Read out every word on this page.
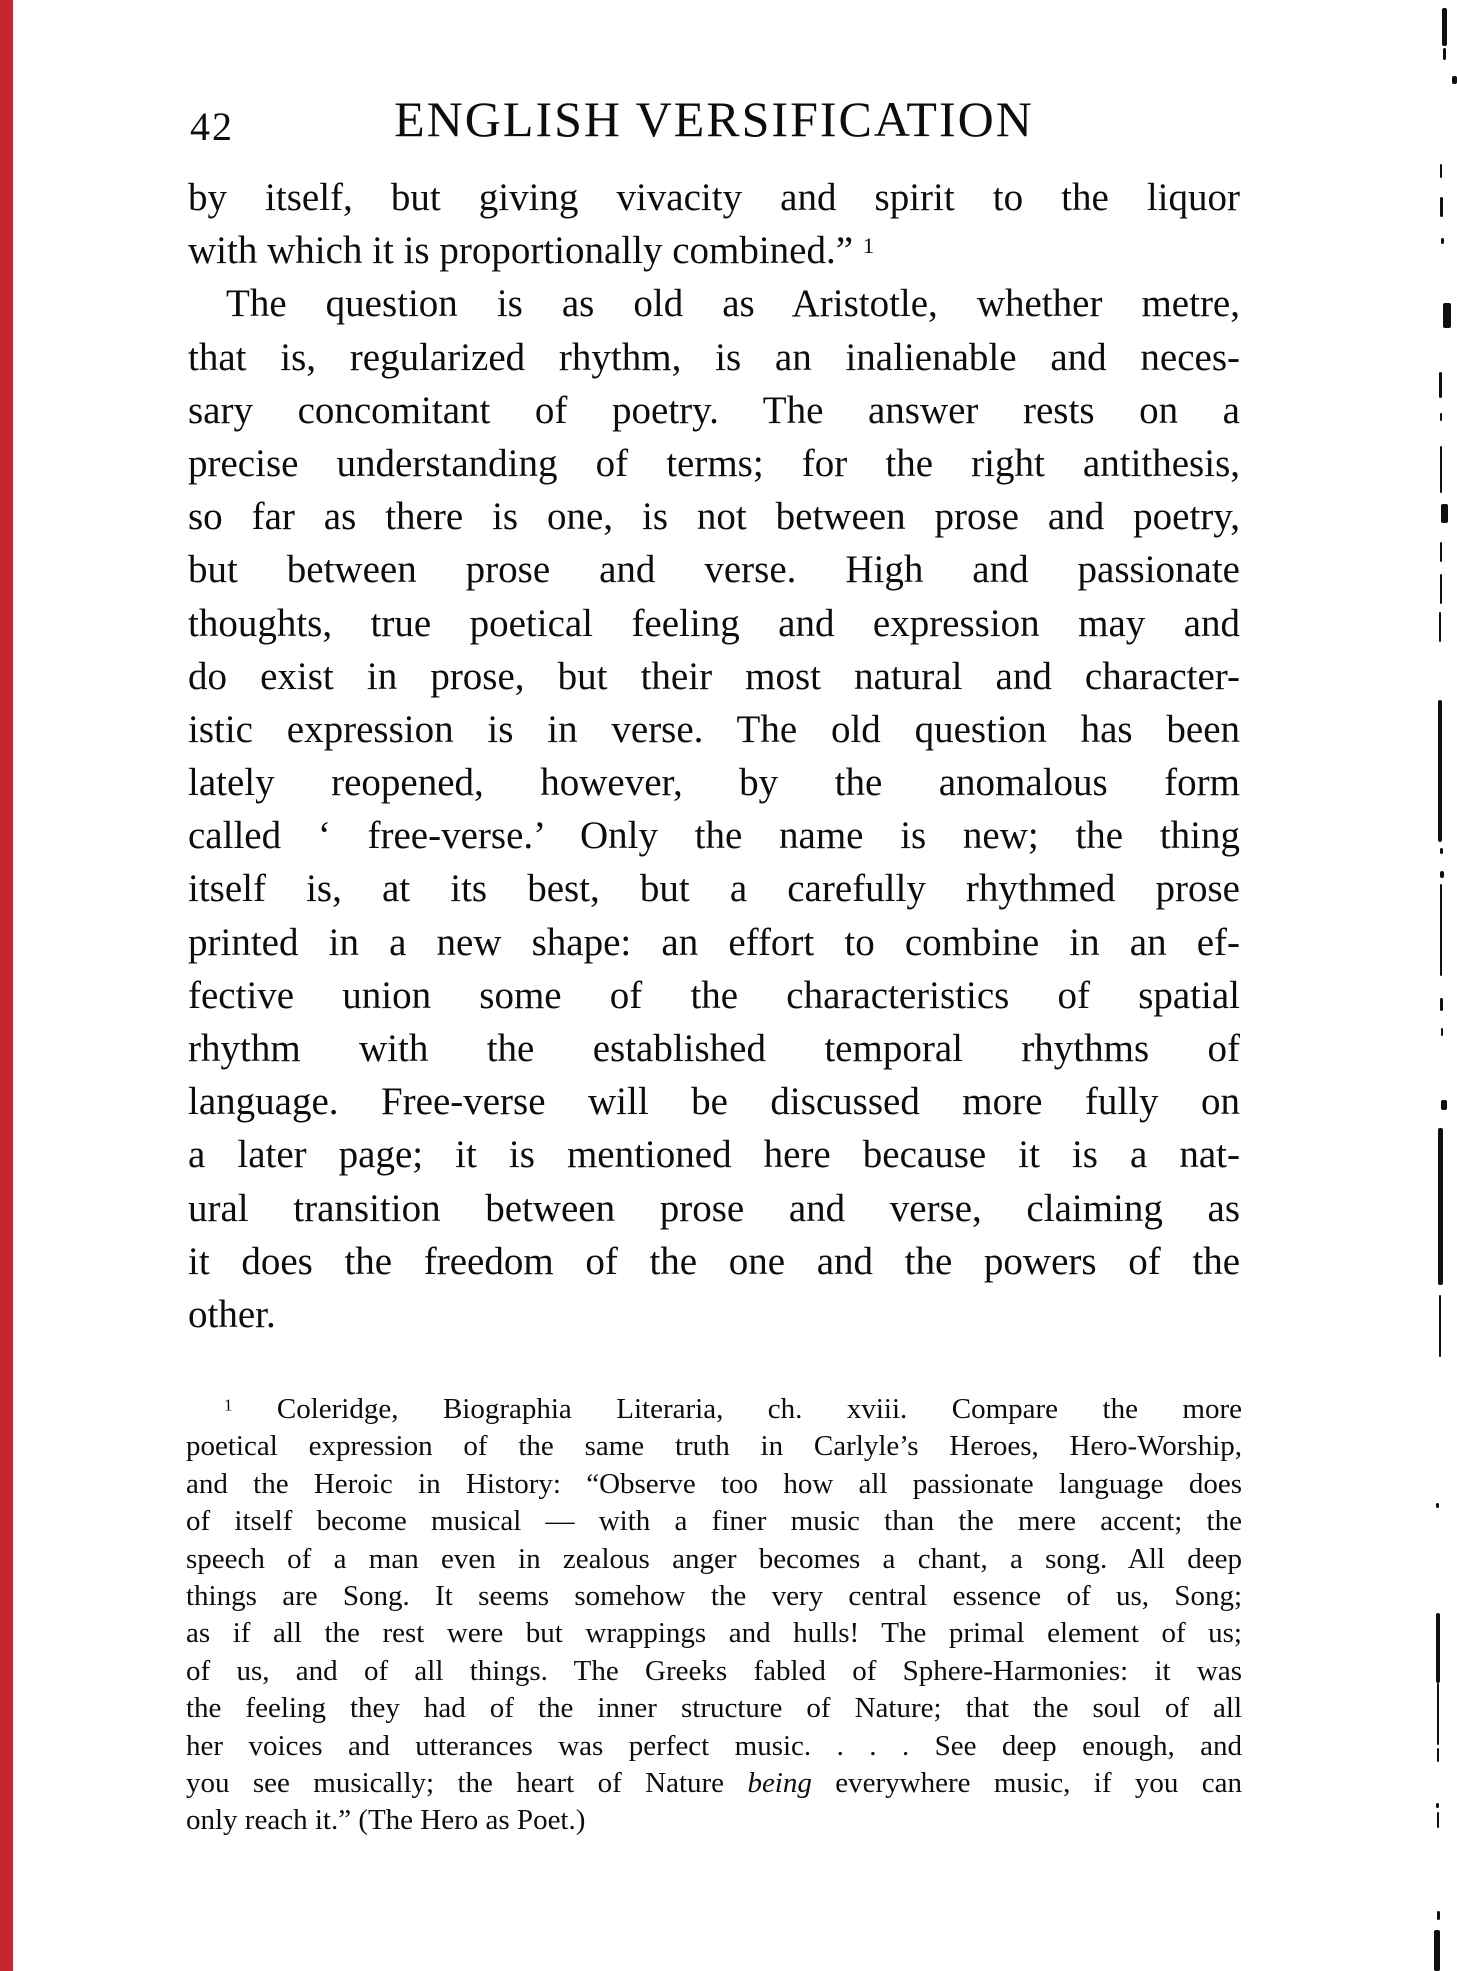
42	ENGLISH VERSIFICATION
by itself, but giving vivacity and spirit to the liquor
with which it is proportionally combined.” $^1$
The question is as old as Aristotle, whether metre,
that is, regularized rhythm, is an inalienable and neces-
sary concomitant of poetry. The answer rests on a
precise understanding of terms; for the right antithesis,
so far as there is one, is not between prose and poetry,
but between prose and verse. High and passionate
thoughts, true poetical feeling and expression may and
do exist in prose, but their most natural and character-
istic expression is in verse. The old question has been
lately reopened, however, by the anomalous form
called ‘ free-verse.’ Only the name is new; the thing
itself is, at its best, but a carefully rhythmed prose
printed in a new shape: an effort to combine in an ef-
fective union some of the characteristics of spatial
rhythm with the established temporal rhythms of
language. Free-verse will be discussed more fully on
a later page; it is mentioned here because it is a nat-
ural transition between prose and verse, claiming as
it does the freedom of the one and the powers of the
other.
$^1$ Coleridge, Biographia Literaria, ch. xviii. Compare the more
poetical expression of the same truth in Carlyle’s Heroes, Hero-Worship,
and the Heroic in History: “Observe too how all passionate language does
of itself become musical — with a finer music than the mere accent; the
speech of a man even in zealous anger becomes a chant, a song. All deep
things are Song. It seems somehow the very central essence of us, Song;
as if all the rest were but wrappings and hulls! The primal element of us;
of us, and of all things. The Greeks fabled of Sphere-Harmonies: it was
the feeling they had of the inner structure of Nature; that the soul of all
her voices and utterances was perfect music. . . . See deep enough, and
you see musically; the heart of Nature being everywhere music, if you can
only reach it.” (The Hero as Poet.)
